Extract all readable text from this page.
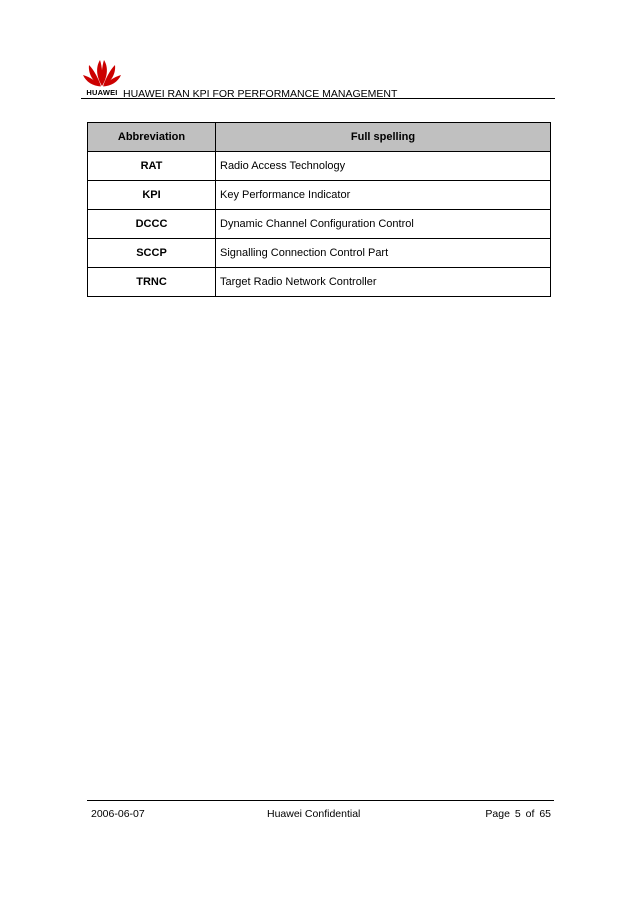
HUAWEI HUAWEI RAN KPI FOR PERFORMANCE MANAGEMENT
Abbreviation	Full spelling
RAT	Radio Access Technology
KPI	Key Performance Indicator
DCCC	Dynamic Channel Configuration Control
SCCP	Signalling Connection Control Part
TRNC	Target Radio Network Controller
2006-06-07	Huawei Confidential	Page 5 of 65
